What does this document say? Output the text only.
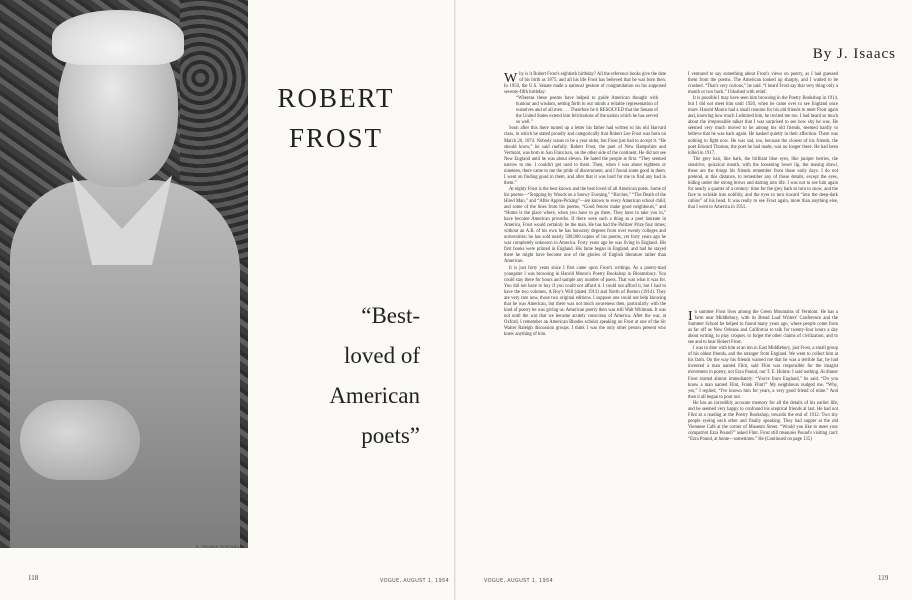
E. THOMAS MCKENNA
ROBERT
FROST
“Best-
loved of
American
poets”
118	VOGUE, AUGUST 1, 1954
By J. Isaacs

Why is it Robert Frost's eightieth birthday? All the reference books give the date of his birth as 1875, and all his life Frost has believed that he was born then. In 1950, the U.S. Senate made a national gesture of congratulation on his supposed seventy-fifth birthday:

“Whereas these poems have helped to guide American thought with humour and wisdom, setting forth to our minds a reliable representation of ourselves and of all men . . . Therefore be it RESOLVED that the Senate of the United States extend him felicitations of the nation which he has served so well.”

Soon after this there turned up a letter his father had written to his old Harvard class, in which he stated proudly and categorically that Robert Lee Frost was born on March 26, 1874. Nobody wants to be a year older, but Frost just had to accept it. “He should know,” he said ruefully. Robert Frost, the poet of New Hampshire and Vermont, was born in San Francisco, on the other side of the continent. He did not see New England until he was about eleven. He hated the people at first. “They seemed narrow to me. I couldn't get used to them. Then, when I was about eighteen or nineteen, there came to me the pride of discernment, and I found some good in them. I went on finding good in them, and after that it was hard for me to find any bad in them.”

At eighty Frost is the best known and the best loved of all American poets. Some of his poems—“Stopping by Woods on a Snowy Evening,” “Birches,” “The Death of the Hired Man,” and “After Apple-Picking”—are known to every American school child, and some of the lines from his poems, “Good fences make good neighbours,” and “Home is the place where, when you have to go there, They have to take you in,” have become American proverbs. If there were such a thing as a poet laureate in America, Frost would certainly be the man. He has had the Pulitzer Prize four times; without an A.B. of his own he has honorary degrees from over twenty colleges and universities; he has sold nearly 500,000 copies of his poems, yet forty years ago he was completely unknown in America. Forty years ago he was living in England. His first books were printed in England. His fame began in England, and had he stayed there he might have become one of the glories of English literature rather than American.

It is just forty years since I first came upon Frost's writings. As a poetry-mad youngster I was browsing in Harold Monro's Poetry Bookshop in Bloomsbury. You could stay there for hours and sample any number of poets. That was what it was for. You did not have to buy if you could not afford it. I could not afford it, but I had to have the two volumes, A Boy's Will (dated 1913) and North of Boston (1914). They are very rare now, those two original editions. I suppose one could not help knowing that he was American, but there was not much awareness then, particularly with the kind of poetry he was giving us. American poetry then was still Walt Whitman. It was not until the war that we became acutely conscious of America. After the war, at Oxford, I remember an American Rhodes scholar speaking on Frost at one of the Sir Walter Raleigh discussion groups. I think I was the only other person present who knew anything of him.

I ventured to say something about Frost's views on poetry, as I had guessed them from the poems. The American looked up sharply, and I waited to be crushed. “That's very curious,” he said. “I heard Frost say that very thing only a month or two back.” I blushed with relief.

It is possible I may have seen him browsing in the Poetry Bookshop in 1914, but I did not meet him until 1920, when he came over to see England once more. Harold Monro had a small reunion for his old friends to meet Frost again and, knowing how much I admired him, he invited me too. I had heard so much about the irrepressible talker that I was surprised to see how shy he was. He seemed very much moved to be among his old friends, seemed hardly to believe that he was back again. He basked quietly in their affection. There was nothing to fight now. He was sad, too, because the closest of his friends, the poet Edward Thomas, the poet he had made, was no longer there. He had been killed in 1917.

The grey hair, like bark, the brilliant blue eyes, like juniper berries, the sensitive, quizzical mouth, with the loosening lower lip, the teasing drawl, these are the things his friends remember from those early days. I do not pretend, at this distance, to remember any of those details, except the eyes, hiding under the strong brows and darting into life. I was not to see him again for nearly a quarter of a century: time for the grey bark to turn to snow, and the face to wrinkle into nobility, and the eyes to turn inward “into the deep-dark cabins” of his head. It was really to see Frost again, more than anything else, that I went to America in 1951.

In summer Frost lives among the Green Mountains of Vermont. He has a farm near Middlebury, with its Bread Loaf Writers' Conference and the Summer School he helped to found many years ago, where people come from as far off as New Orleans and California to talk for twenty-four hours a day about writing, to play croquet, to forget the other claims of civilization, and to see and to hear Robert Frost.

I was to dine with him at an inn in East Middlebury, just Frost, a small group of his oldest friends, and the stranger from England. We went to collect him at his farm. On the way his friends warned me that he was a terrible liar, he had invented a man named Flint, said Flint was responsible for the imagist movement in poetry, not Ezra Pound, nor T. E. Hulme. I said nothing. At dinner Frost started almost immediately: “You're from England,” he said. “Do you know a man named Flint, Frank Flint?” My neighbours nudged me. “Why, yes,” I replied, “I've known him for years, a very good friend of mine.” And then it all began to pour out.

He has an incredibly accurate memory for all the details of his earlier life, and he seemed very happy to confound his sceptical friends at last. He had not Flint at a reading at the Poetry Bookshop, towards the end of 1912. Two shy people eyeing each other and finally speaking. They had supper at the old Viennese Café at the corner of Museum Street. “Would you like to meet your compatriot Ezra Pound?” asked Flint. Frost still treasures Pound's visiting card: “Ezra Pound, at home—sometimes.” He (Continued on page 135)

VOGUE, AUGUST 1, 1954	119
